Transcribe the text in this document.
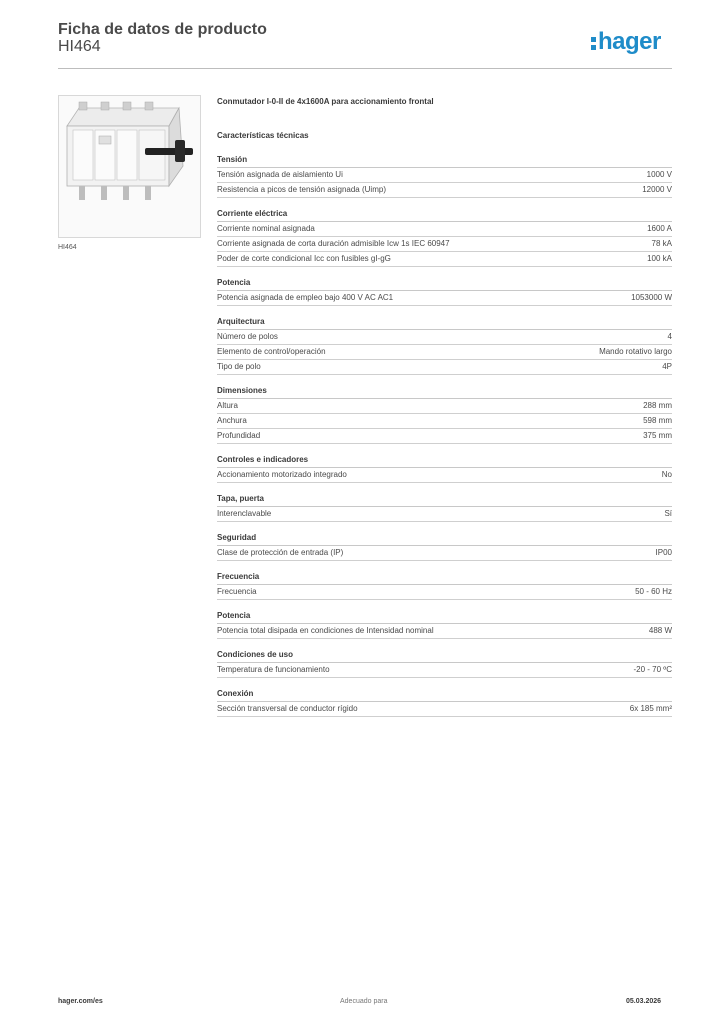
Ficha de datos de producto
HI464	hager
HI464
Conmutador I-0-II de 4x1600A para accionamiento frontal
Características técnicas
Tensión
Tensión asignada de aislamiento Ui	1000 V
Resistencia a picos de tensión asignada (Uimp)	12000 V
Corriente eléctrica
Corriente nominal asignada	1600 A
Corriente asignada de corta duración admisible Icw 1s IEC 60947	78 kA
Poder de corte condicional Icc con fusibles gI-gG	100 kA
Potencia
Potencia asignada de empleo bajo 400 V AC AC1	1053000 W
Arquitectura
Número de polos	4
Elemento de control/operación	Mando rotativo largo
Tipo de polo	4P
Dimensiones
Altura	288 mm
Anchura	598 mm
Profundidad	375 mm
Controles e indicadores
Accionamiento motorizado integrado	No
Tapa, puerta
Interenclavable	Sí
Seguridad
Clase de protección de entrada (IP)	IP00
Frecuencia
Frecuencia	50 - 60 Hz
Potencia
Potencia total disipada en condiciones de Intensidad nominal	488 W
Condiciones de uso
Temperatura de funcionamiento	-20 - 70 ºC
Conexión
Sección transversal de conductor rígido	6x 185 mm²
hager.com/es	Adecuado para	05.03.2026
